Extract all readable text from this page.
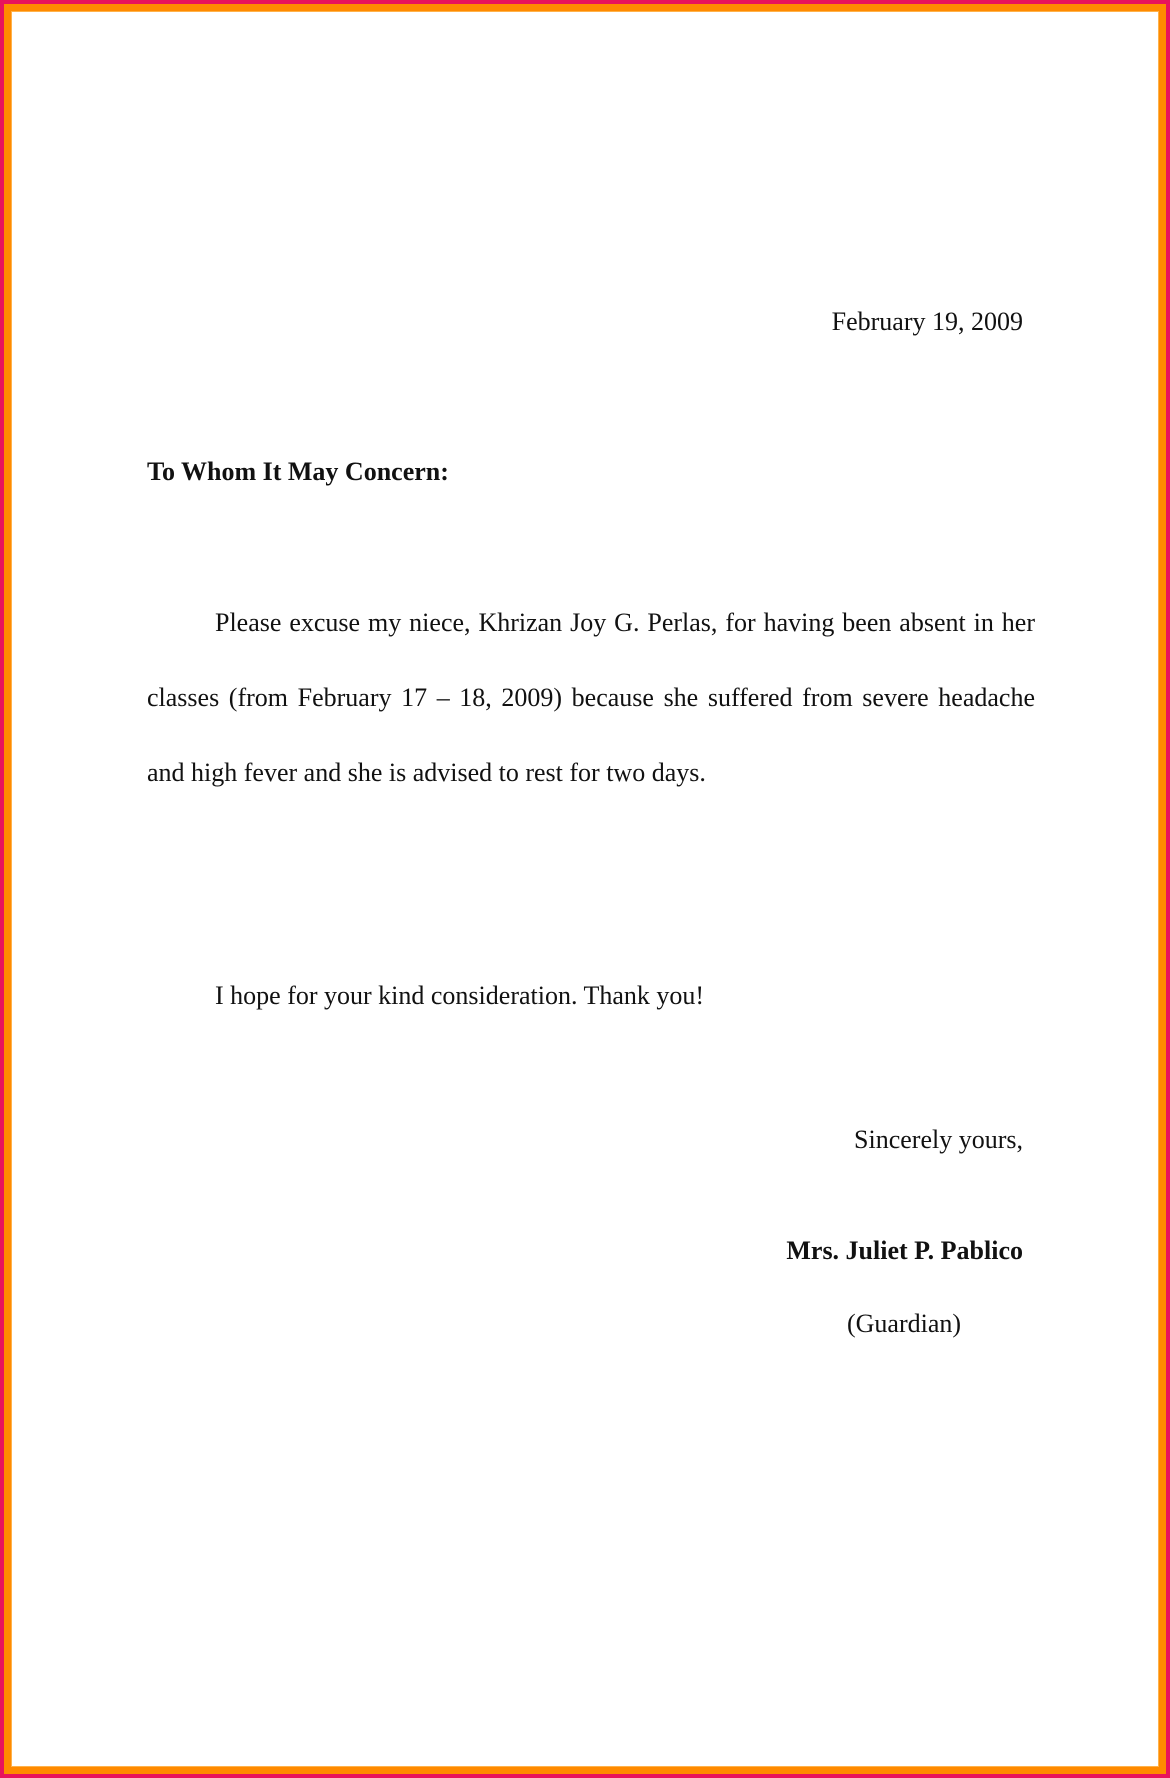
February 19, 2009
To Whom It May Concern:
Please excuse my niece, Khrizan Joy G. Perlas, for having been absent in her classes (from February 17 – 18, 2009) because she suffered from severe headache and high fever and she is advised to rest for two days.
I hope for your kind consideration. Thank you!
Sincerely yours,
Mrs. Juliet P. Pablico
(Guardian)
